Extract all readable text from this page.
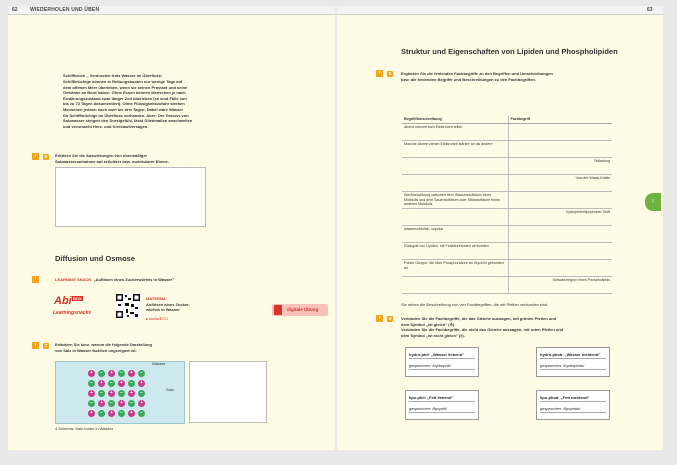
62 WIEDERHOLEN UND ÜBEN
Schiffbruch – Verdursten trotz Wasser im Überfluss:
Schiffbrüchige können in Rettungsbooten nur wenige Tage auf
dem offenen Meer überleben, wenn sie keinen Proviant und keine
Getränke an Bord haben. Ohne Essen können Menschen je nach
Ernährungszustand zwar länger Zeit überleben (es sind Fälle von
bis zu 73 Tagen dokumentiert). Ohne Flüssigkeitszufuhr sterben
Menschen jedoch nach zwei bis drei Tagen. Dabei wäre Wasser
für Schiffbrüchige im Überfluss vorhanden. Aber: Der Genuss von
Salzwasser steigert den Durstgefühl, lässt Gliedmaßen anschwellen
und verursacht Herz- und Kreislaufversagen.
›	6	Erklären Sie die Auswirkungen von übermäßiger
Salzwasseraufnahme auf zellulärer bzw. molekularer Ebene.
Diffusion und Osmose
›	LEARNING SNACK: „Auflösen eines Zuckerwürfels in Wasser"
Abi BOX
Learningsnacks
MATERIAL
Auflösen eines Zucker-
würfels in Wasser
▸ sta6wECO
digitale Übung
›	7	Erläutern Sie kurz, warum die folgende Darstellung
von Salz in Wasser fachlich ungeeignet ist.
Wasser
Salz
+	−	+	−	+	−
−	+	−	+	−	+
+	−	+	−	+	−
−	+	−	+	−	+
+	−	+	−	+	−
4 Schema: Salz-Ionen in Wasser
63
Struktur und Eigenschaften von Lipiden und Phospholipiden
›	8	Ergänzen Sie die fehlenden Fachbegriffe zu den Begriffen und Umschreibungen
bzw. die fehlenden Begriffe und Beschreibungen zu den Fachbegriffen.
Sie sehen die Beschreibung von vier Fachbegriffen, die mit Pfeilen verbunden sind.
›	9	Verbinden Sie die Fachbegriffe, die das Gleiche aussagen, mit grünen Pfeilen und
dem Symbol „ist gleich" (≙).
Verbinden Sie die Fachbegriffe, die nicht das Gleiche aussagen, mit roten Pfeilen und
dem Symbol „ist nicht gleich" (≠).
Begriff/Umschreibung	Fachbegriff
Atome können sich Elektronen teilen	
Manche Atome ziehen Elektronen stärker an als andere	
	Teilladung
	Van-der-Waals-Kräfte
Wechselwirkung zwischen dem Wasserstoffatom eines Moleküls und dem Sauerstoffatom oder Stickstoffatom eines anderen Moleküls	
	hydrophiler/lipophober Stoff
wasserunlöslich, unpolar	
Rückgrat von Lipiden, mit Fettsäureresten verbunden	
Polare Gruppe, die über Phosphorsäure an Glycerin gebunden ist	
	Schwanzregion eines Phospholipids
hydro-phil: „Wasser liebend"
gesprochen: /hydrophil/
hydro-phob: „Wasser meidend"
gesprochen: /hydrophob/
lipo-phil: „Fett liebend"
gesprochen: /lipophil/
lipo-phob: „Fett meidend"
gesprochen: /lipophob/
I
